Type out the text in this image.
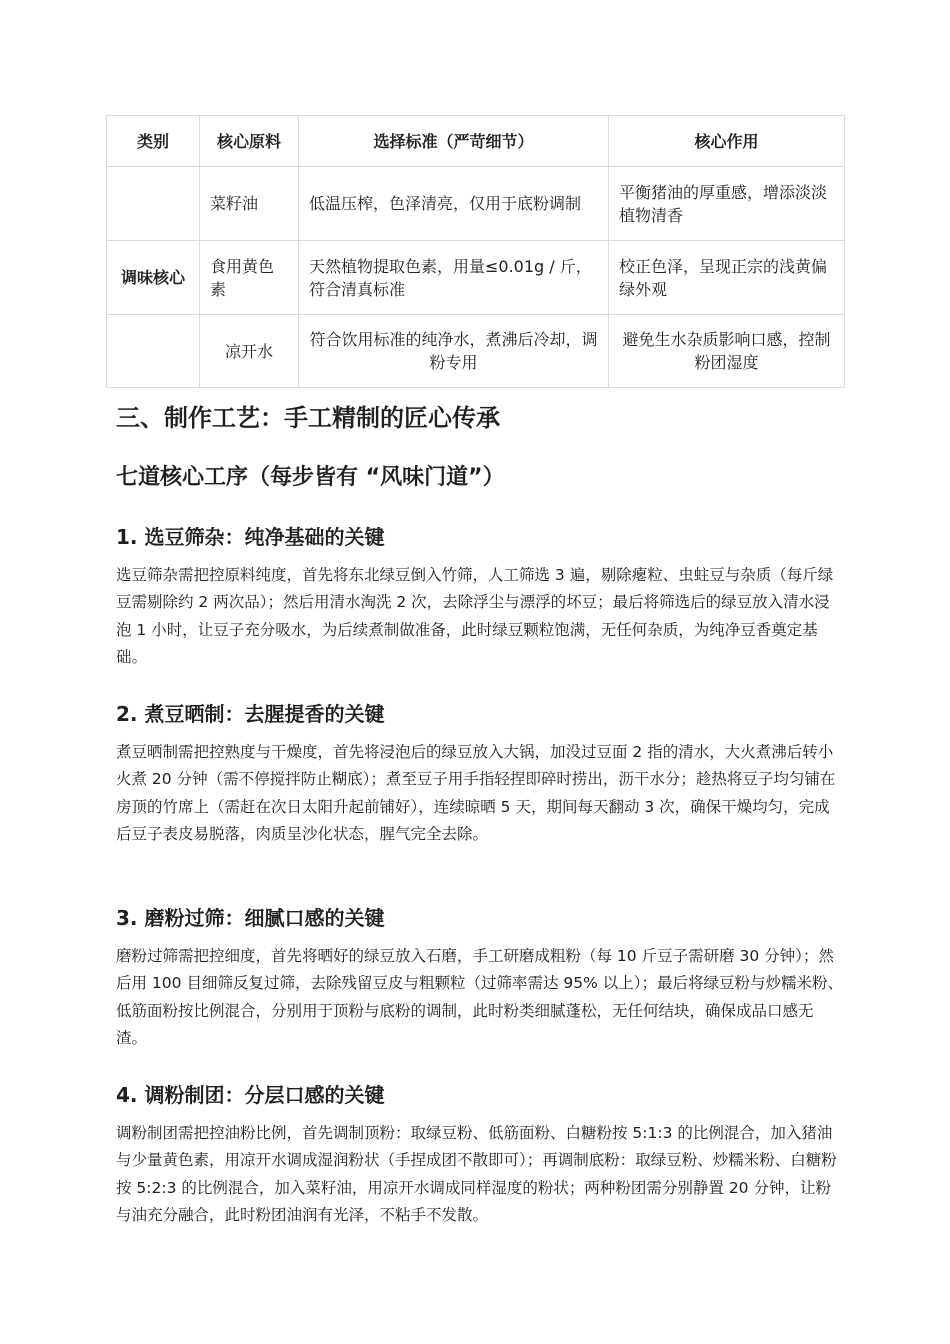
类别	核心原料	选择标准（严苛细节）	核心作用
	菜籽油	低温压榨，色泽清亮，仅用于底粉调制	平衡猪油的厚重感，增添淡淡植物清香
调味核心	食用黄色素	天然植物提取色素，用量≤0.01g / 斤，符合清真标准	校正色泽，呈现正宗的浅黄偏绿外观
	凉开水	符合饮用标准的纯净水，煮沸后冷却，调粉专用	避免生水杂质影响口感，控制粉团湿度
三、制作工艺：手工精制的匠心传承
七道核心工序（每步皆有 “风味门道”）
1. 选豆筛杂：纯净基础的关键

选豆筛杂需把控原料纯度，首先将东北绿豆倒入竹筛，人工筛选 3 遍，剔除瘪粒、虫蛀豆与杂质（每斤绿豆需剔除约 2 两次品）；然后用清水淘洗 2 次，去除浮尘与漂浮的坏豆；最后将筛选后的绿豆放入清水浸泡 1 小时，让豆子充分吸水，为后续煮制做准备，此时绿豆颗粒饱满，无任何杂质，为纯净豆香奠定基础。

2. 煮豆晒制：去腥提香的关键

煮豆晒制需把控熟度与干燥度，首先将浸泡后的绿豆放入大锅，加没过豆面 2 指的清水，大火煮沸后转小火煮 20 分钟（需不停搅拌防止糊底）；煮至豆子用手指轻捏即碎时捞出，沥干水分；趁热将豆子均匀铺在房顶的竹席上（需赶在次日太阳升起前铺好），连续晾晒 5 天，期间每天翻动 3 次，确保干燥均匀，完成后豆子表皮易脱落，肉质呈沙化状态，腥气完全去除。

3. 磨粉过筛：细腻口感的关键

磨粉过筛需把控细度，首先将晒好的绿豆放入石磨，手工研磨成粗粉（每 10 斤豆子需研磨 30 分钟）；然后用 100 目细筛反复过筛，去除残留豆皮与粗颗粒（过筛率需达 95% 以上）；最后将绿豆粉与炒糯米粉、低筋面粉按比例混合，分别用于顶粉与底粉的调制，此时粉类细腻蓬松，无任何结块，确保成品口感无渣。

4. 调粉制团：分层口感的关键

调粉制团需把控油粉比例，首先调制顶粉：取绿豆粉、低筋面粉、白糖粉按 5:1:3 的比例混合，加入猪油与少量黄色素，用凉开水调成湿润粉状（手捏成团不散即可）；再调制底粉：取绿豆粉、炒糯米粉、白糖粉按 5:2:3 的比例混合，加入菜籽油，用凉开水调成同样湿度的粉状；两种粉团需分别静置 20 分钟，让粉与油充分融合，此时粉团油润有光泽，不粘手不发散。
